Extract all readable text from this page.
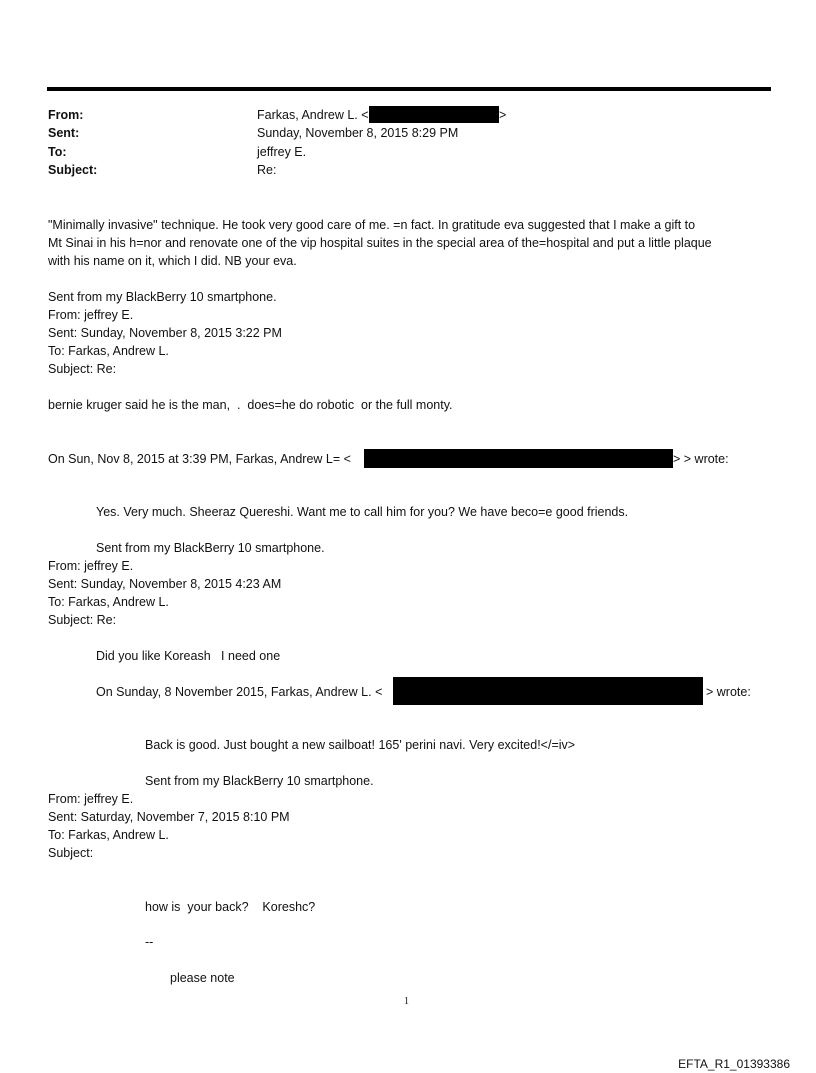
From:	Farkas, Andrew L. <	>
Sent:	Sunday, November 8, 2015 8:29 PM
To:	jeffrey E.
Subject:	Re:
"Minimally invasive" technique. He took very good care of me. =n fact. In gratitude eva suggested that I make a gift to
Mt Sinai in his h=nor and renovate one of the vip hospital suites in the special area of the=hospital and put a little plaque
with his name on it, which I did. NB your eva.
Sent from my BlackBerry 10 smartphone.
From: jeffrey E.
Sent: Sunday, November 8, 2015 3:22 PM
To: Farkas, Andrew L.
Subject: Re:
bernie kruger said he is the man,  .  does=he do robotic  or the full monty.
On Sun, Nov 8, 2015 at 3:39 PM, Farkas, Andrew L= <	> > wrote:
Yes. Very much. Sheeraz Quereshi. Want me to call him for you? We have beco=e good friends.
Sent from my BlackBerry 10 smartphone.
From: jeffrey E.
Sent: Sunday, November 8, 2015 4:23 AM
To: Farkas, Andrew L.
Subject: Re:
Did you like Koreash   I need one
On Sunday, 8 November 2015, Farkas, Andrew L. <	> wrote:
Back is good. Just bought a new sailboat! 165' perini navi. Very excited!</=iv>
Sent from my BlackBerry 10 smartphone.
From: jeffrey E.
Sent: Saturday, November 7, 2015 8:10 PM
To: Farkas, Andrew L.
Subject:
how is  your back?    Koreshc?
--
please note
1
EFTA_R1_01393386
